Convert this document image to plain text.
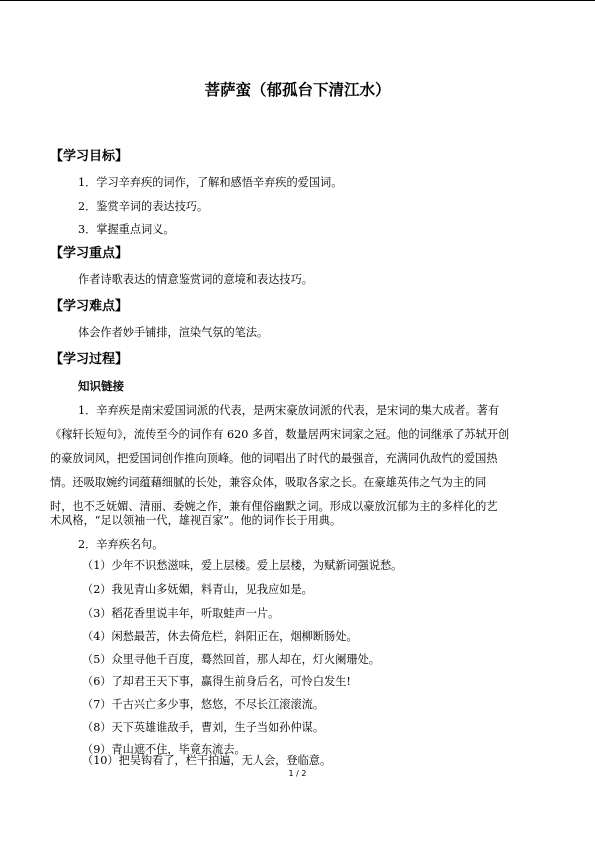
菩萨蛮（郁孤台下清江水）
【学习目标】
1．学习辛弃疾的词作，了解和感悟辛弃疾的爱国词。
2．鉴赏辛词的表达技巧。
3．掌握重点词义。
【学习重点】
作者诗歌表达的情意鉴赏词的意境和表达技巧。
【学习难点】
体会作者妙手铺排，渲染气氛的笔法。
【学习过程】
知识链接
1．辛弃疾是南宋爱国词派的代表，是两宋豪放词派的代表，是宋词的集大成者。著有
《稼轩长短句》，流传至今的词作有 620 多首，数量居两宋词家之冠。他的词继承了苏轼开创
的豪放词风，把爱国词创作推向顶峰。他的词唱出了时代的最强音，充满同仇敌忾的爱国热
情。还吸取婉约词蕴藉细腻的长处，兼容众体，吸取各家之长。在豪雄英伟之气为主的同
时，也不乏妩媚、清丽、委婉之作，兼有俚俗幽默之词。形成以豪放沉郁为主的多样化的艺
术风格，“足以领袖一代，雄视百家”。他的词作长于用典。
2．辛弃疾名句。
（1）少年不识愁滋味，爱上层楼。爱上层楼，为赋新词强说愁。
（2）我见青山多妩媚，料青山，见我应如是。
（3）稻花香里说丰年，听取蛙声一片。
（4）闲愁最苦，休去倚危栏，斜阳正在，烟柳断肠处。
（5）众里寻他千百度，蓦然回首，那人却在，灯火阑珊处。
（6）了却君王天下事，赢得生前身后名，可怜白发生!
（7）千古兴亡多少事，悠悠，不尽长江滚滚流。
（8）天下英雄谁敌手，曹刘，生子当如孙仲谋。
（9）青山遮不住，毕竟东流去。
（10）把吴钩看了，栏干拍遍，无人会，登临意。
1 / 2
